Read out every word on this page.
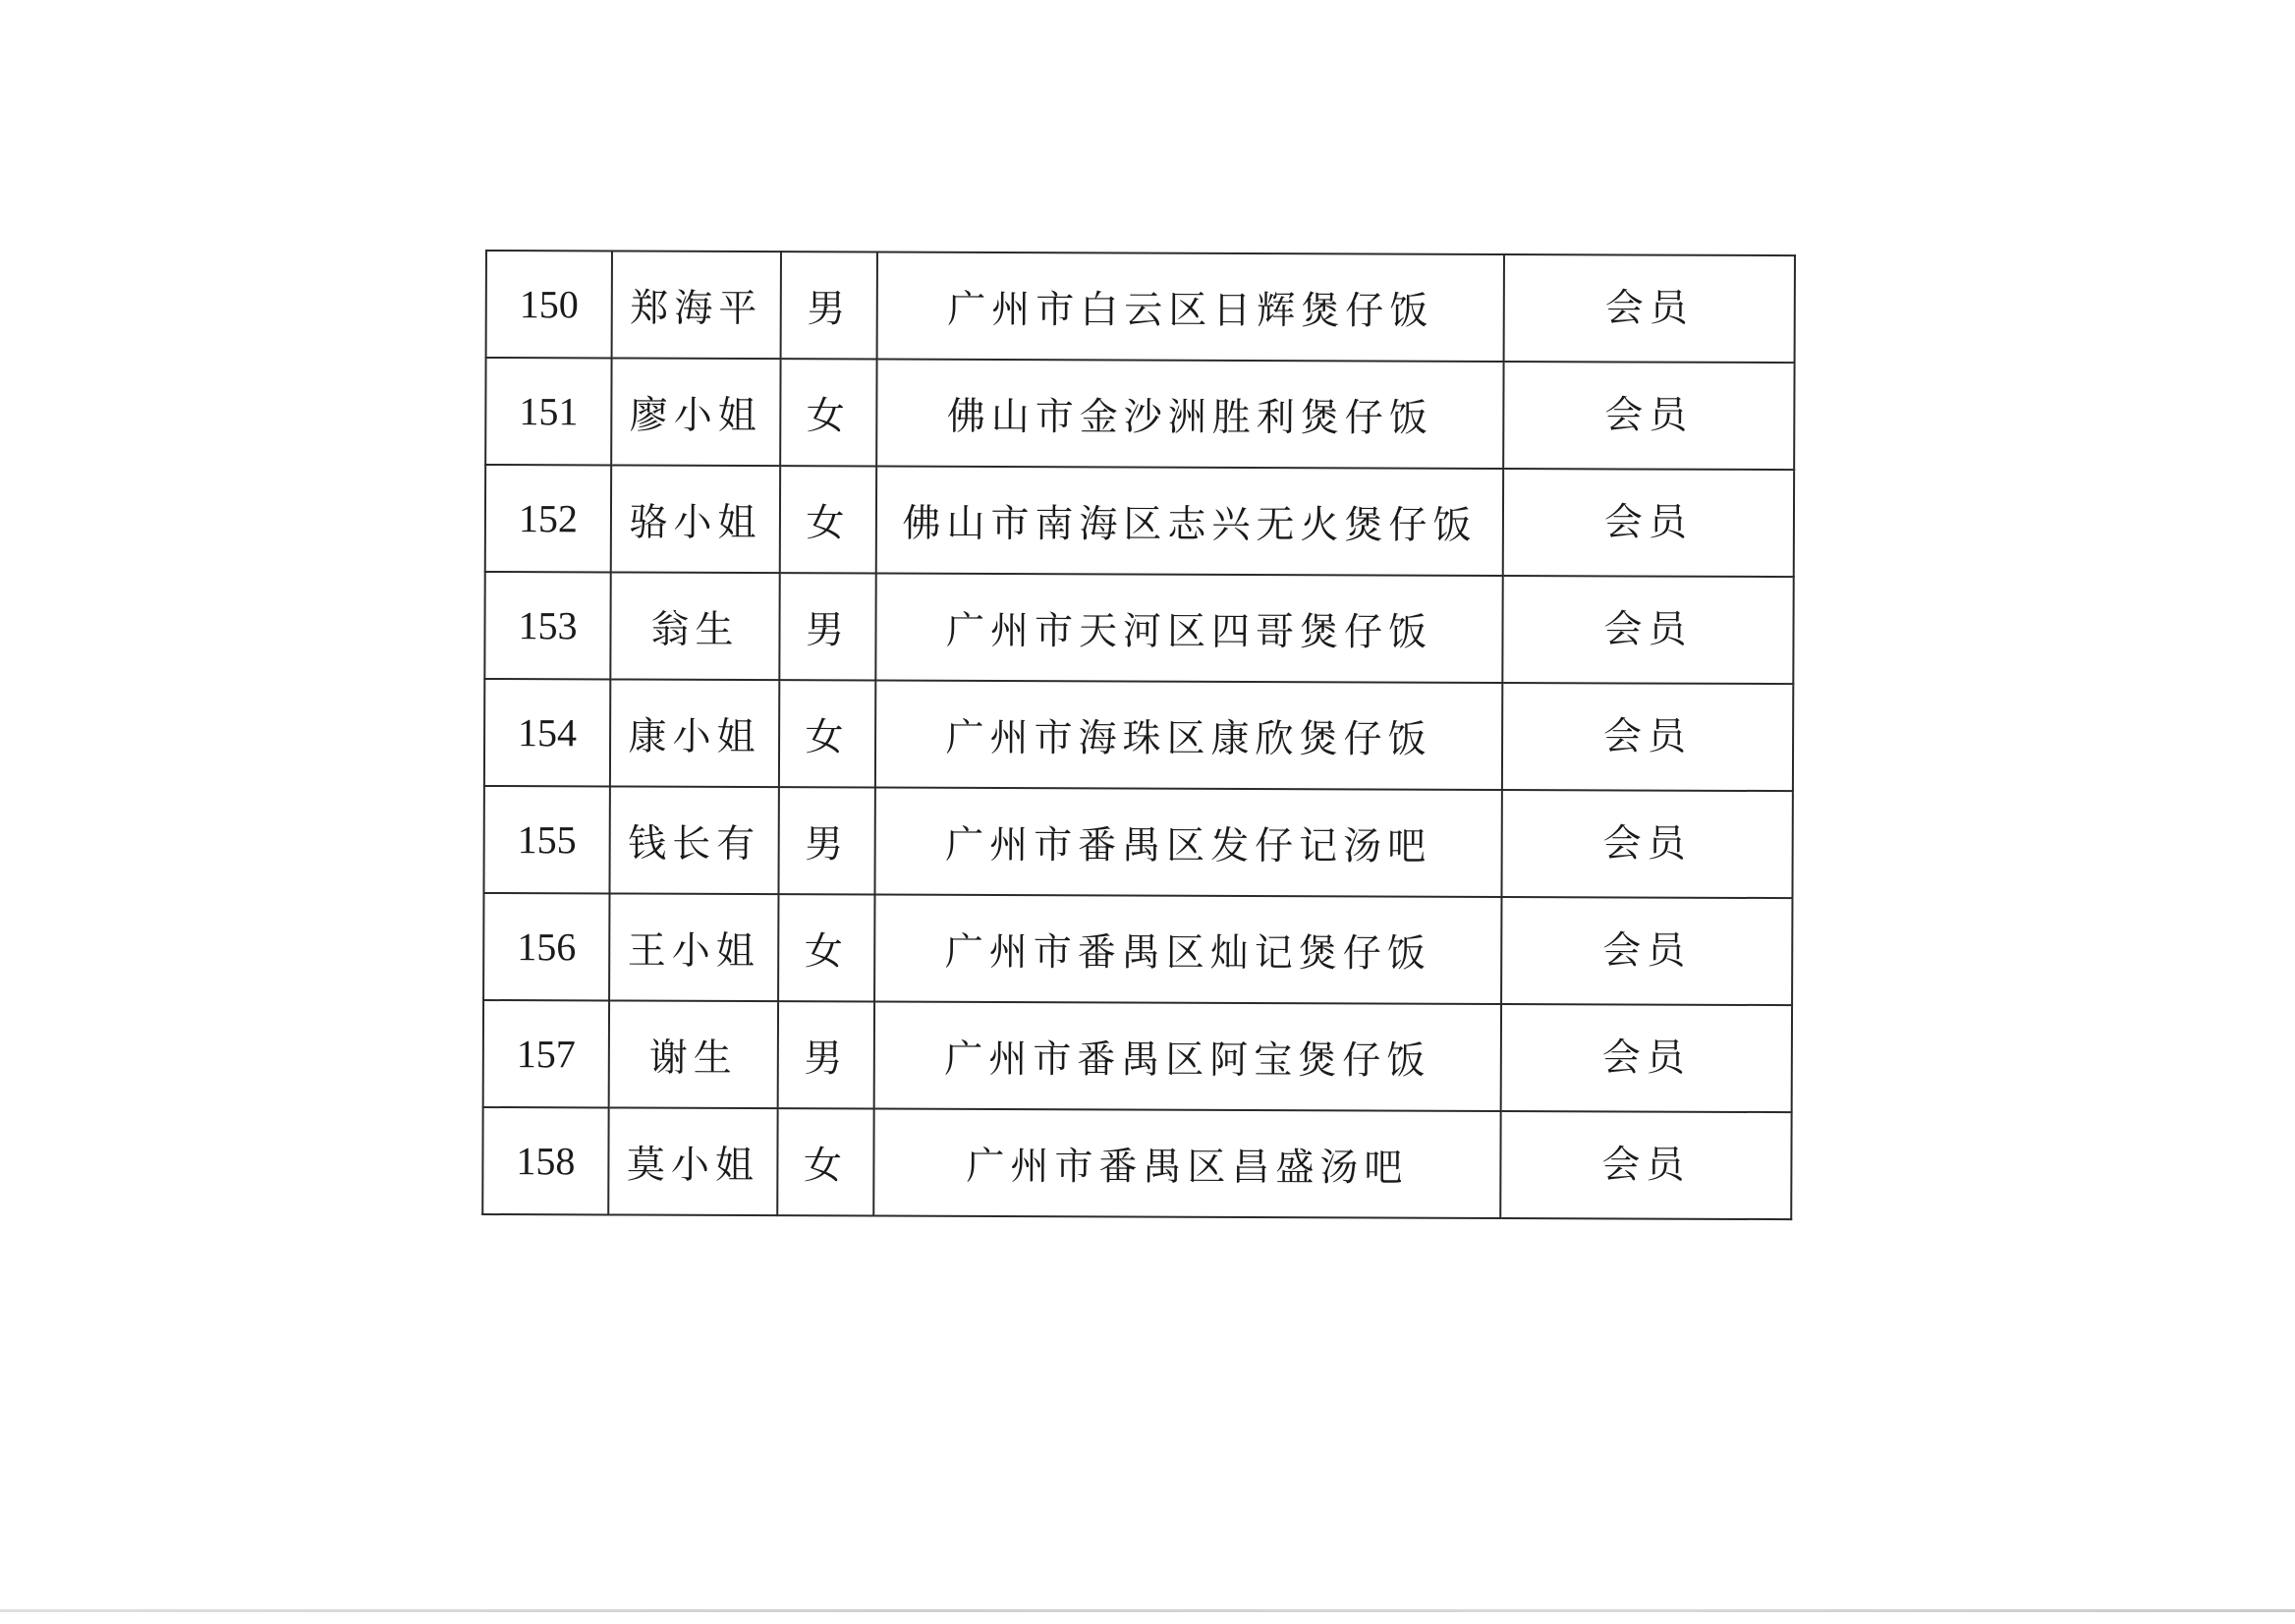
150	郑海平	男	广州市白云区日辉煲仔饭	会员
151	廖小姐	女	佛山市金沙洲胜利煲仔饭	会员
152	骆小姐	女	佛山市南海区志兴无火煲仔饭	会员
153	翁生	男	广州市天河区四哥煲仔饭	会员
154	康小姐	女	广州市海珠区康欣煲仔饭	会员
155	钱长有	男	广州市番禺区发仔记汤吧	会员
156	王小姐	女	广州市番禺区灿记煲仔饭	会员
157	谢生	男	广州市番禺区阿宝煲仔饭	会员
158	莫小姐	女	广州市番禺区昌盛汤吧	会员
